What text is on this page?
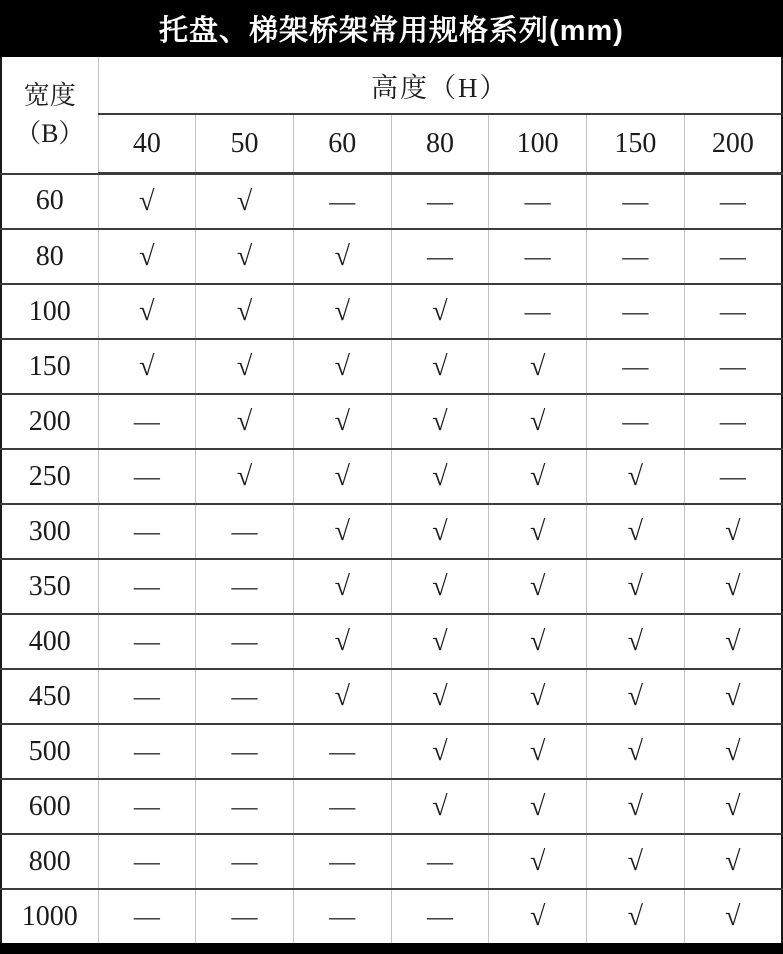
托盘、梯架桥架常用规格系列(mm)
宽度
（B）	高度（H）						
	40	50	60	80	100	150	200
60	√	√	—	—	—	—	—
80	√	√	√	—	—	—	—
100	√	√	√	√	—	—	—
150	√	√	√	√	√	—	—
200	—	√	√	√	√	—	—
250	—	√	√	√	√	√	—
300	—	—	√	√	√	√	√
350	—	—	√	√	√	√	√
400	—	—	√	√	√	√	√
450	—	—	√	√	√	√	√
500	—	—	—	√	√	√	√
600	—	—	—	√	√	√	√
800	—	—	—	—	√	√	√
1000	—	—	—	—	√	√	√
